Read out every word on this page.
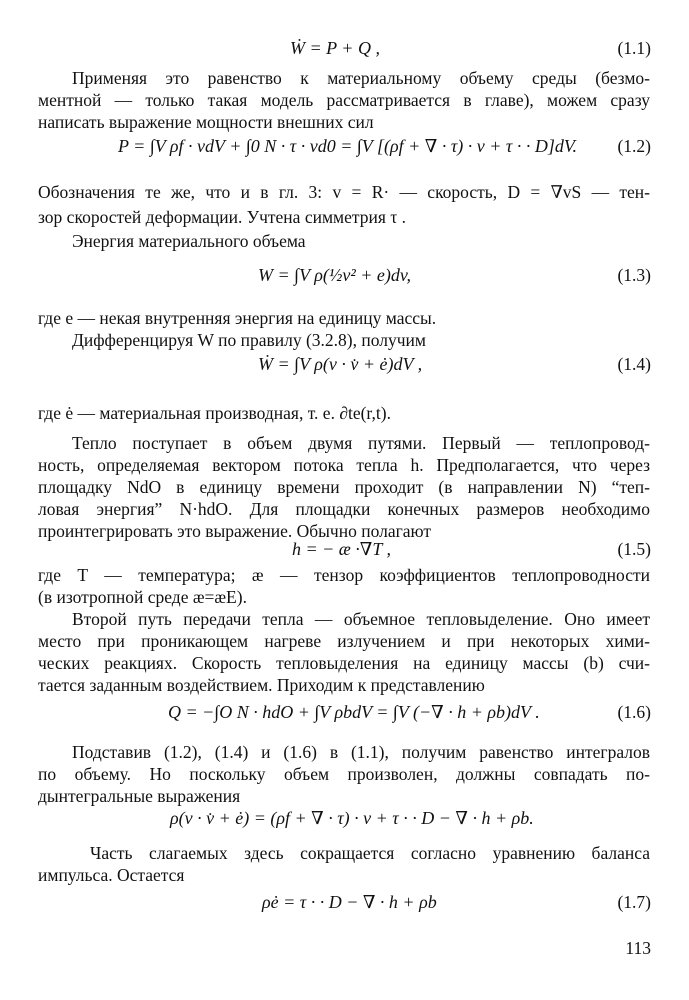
Ẇ = P + Q ,	(1.1)
Применяя это равенство к материальному объему среды (безмо-
ментной — только такая модель рассматривается в главе), можем сразу
написать выражение мощности внешних сил
P = ∫V ρf · vdV + ∫0 N · τ · vd0 = ∫V [(ρf + ∇ · τ) · v + τ · · D]dV. (1.2)
Обозначения те же, что и в гл. 3: v = R· — скорость, D = ∇vS — тен-
зор скоростей деформации. Учтена симметрия τ .
Энергия материального объема
W = ∫V ρ(½v² + e)dv,	(1.3)
где e — некая внутренняя энергия на единицу массы.
Дифференцируя W по правилу (3.2.8), получим
Ẇ = ∫V ρ(v · v̇ + ė)dV ,	(1.4)
где ė — материальная производная, т. е. ∂te(r,t).
Тепло поступает в объем двумя путями. Первый — теплопровод-
ность, определяемая вектором потока тепла h. Предполагается, что через
площадку NdO в единицу времени проходит (в направлении N) “теп-
ловая энергия” N·hdO. Для площадки конечных размеров необходимо
проинтегрировать это выражение. Обычно полагают
h = − æ ·∇T ,	(1.5)
где T — температура; æ — тензор коэффициентов теплопроводности
(в изотропной среде æ=æE).
Второй путь передачи тепла — объемное тепловыделение. Оно имеет
место при проникающем нагреве излучением и при некоторых хими-
ческих реакциях. Скорость тепловыделения на единицу массы (b) счи-
тается заданным воздействием. Приходим к представлению
Q = −∫O N · hdO + ∫V ρbdV = ∫V (−∇ · h + ρb)dV .	(1.6)
Подставив (1.2), (1.4) и (1.6) в (1.1), получим равенство интегралов
по объему. Но поскольку объем произволен, должны совпадать по-
дынтегральные выражения
ρ(v · v̇ + ė) = (ρf + ∇ · τ) · v + τ · · D − ∇ · h + ρb.
Часть слагаемых здесь сокращается согласно уравнению баланса
импульса. Остается
ρė = τ · · D − ∇ · h + ρb	(1.7)
113
